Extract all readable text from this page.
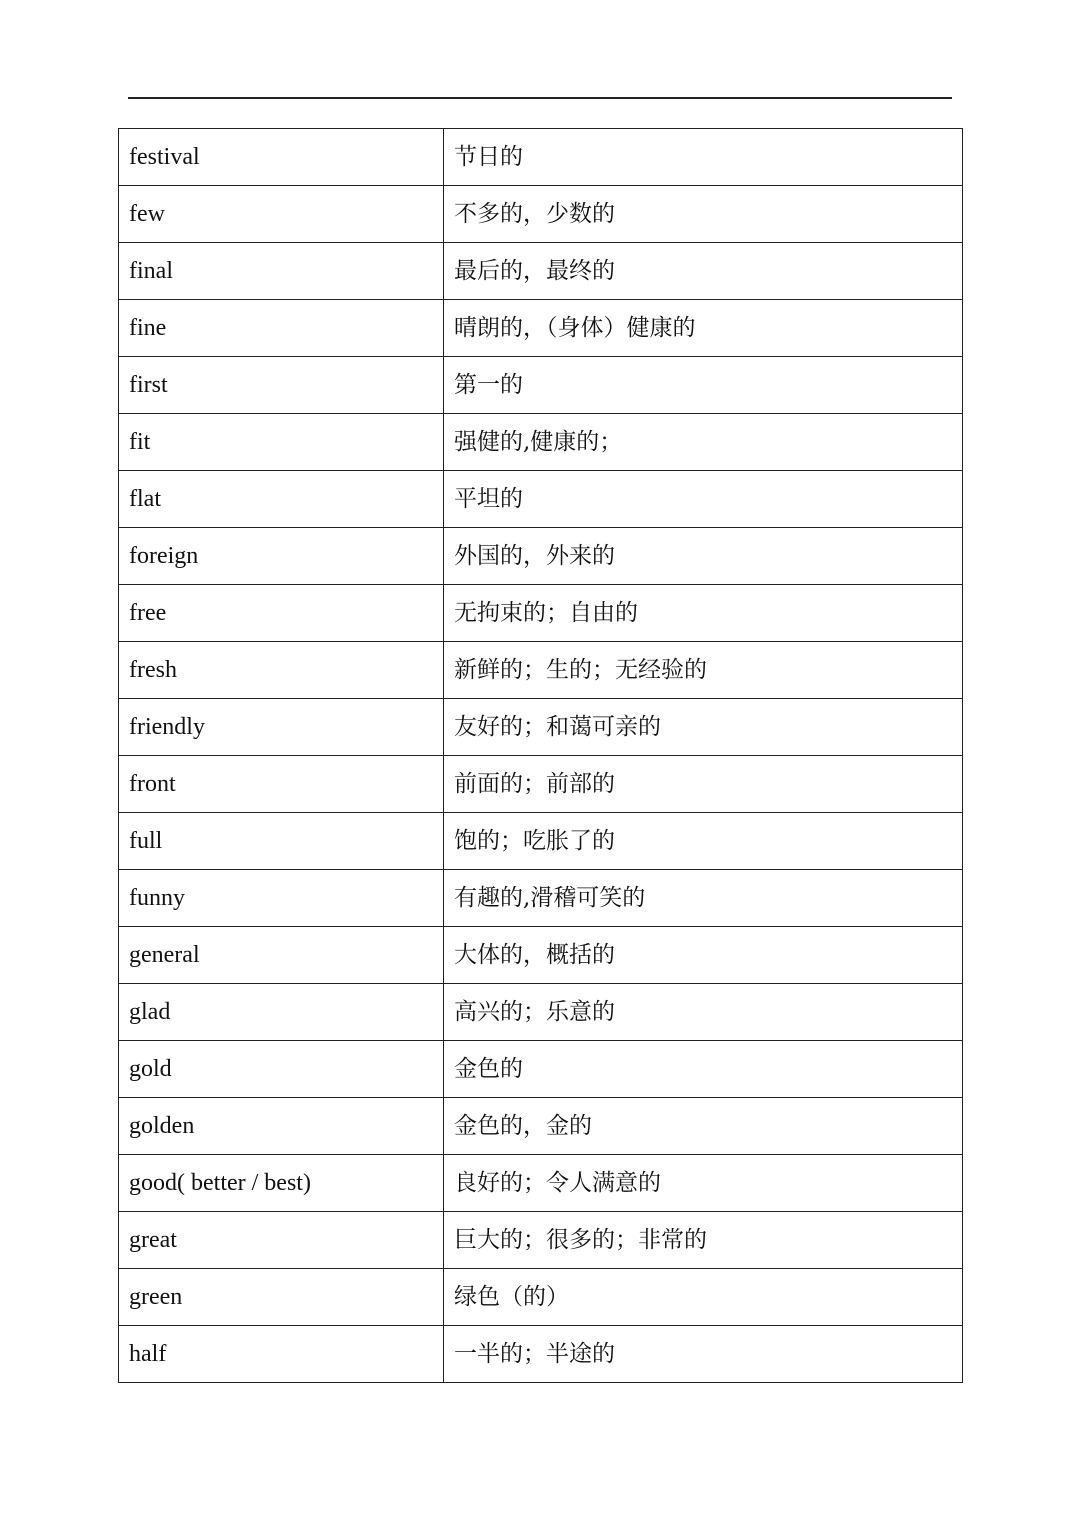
festival	节日的
few	不多的，少数的
final	最后的，最终的
fine	晴朗的，（身体）健康的
first	第一的
fit	强健的,健康的；
flat	平坦的
foreign	外国的，外来的
free	无拘束的；自由的
fresh	新鲜的；生的；无经验的
friendly	友好的；和蔼可亲的
front	前面的；前部的
full	饱的；吃胀了的
funny	有趣的,滑稽可笑的
general	大体的，概括的
glad	高兴的；乐意的
gold	金色的
golden	金色的，金的
good( better / best)	良好的；令人满意的
great	巨大的；很多的；非常的
green	绿色（的）
half	一半的；半途的
